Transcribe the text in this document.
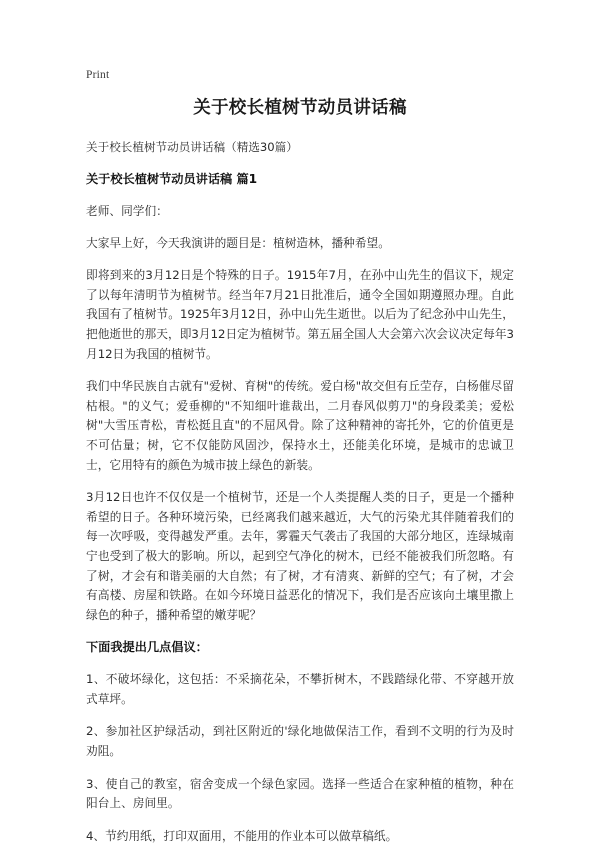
Print
关于校长植树节动员讲话稿

关于校长植树节动员讲话稿（精选30篇）

关于校长植树节动员讲话稿 篇1

老师、同学们：

大家早上好，今天我演讲的题目是：植树造林，播种希望。

即将到来的3月12日是个特殊的日子。1915年7月，在孙中山先生的倡议下，规定了以每年清明节为植树节。经当年7月21日批准后，通令全国如期遵照办理。自此我国有了植树节。1925年3月12日，孙中山先生逝世。以后为了纪念孙中山先生，把他逝世的那天，即3月12日定为植树节。第五届全国人大会第六次会议决定每年3月12日为我国的植树节。

我们中华民族自古就有"爱树、育树"的传统。爱白杨"故交但有丘茔存，白杨催尽留枯根。"的义气；爱垂柳的"不知细叶谁裁出，二月春风似剪刀"的身段柔美；爱松树"大雪压青松，青松挺且直"的不屈风骨。除了这种精神的寄托外，它的价值更是不可估量；树，它不仅能防风固沙，保持水土，还能美化环境，是城市的忠诚卫士，它用特有的颜色为城市披上绿色的新装。

3月12日也许不仅仅是一个植树节，还是一个人类提醒人类的日子，更是一个播种希望的日子。各种环境污染，已经离我们越来越近，大气的污染尤其伴随着我们的每一次呼吸，变得越发严重。去年，雾霾天气袭击了我国的大部分地区，连绿城南宁也受到了极大的影响。所以，起到空气净化的树木，已经不能被我们所忽略。有了树，才会有和谐美丽的大自然；有了树，才有清爽、新鲜的空气；有了树，才会有高楼、房屋和铁路。在如今环境日益恶化的情况下，我们是否应该向土壤里撒上绿色的种子，播种希望的嫩芽呢？

下面我提出几点倡议：

1、不破坏绿化，这包括：不采摘花朵，不攀折树木，不践踏绿化带、不穿越开放式草坪。

2、参加社区护绿活动，到社区附近的'绿化地做保洁工作，看到不文明的行为及时劝阻。

3、使自己的教室，宿舍变成一个绿色家园。选择一些适合在家种植的植物，种在阳台上、房间里。

4、节约用纸，打印双面用，不能用的作业本可以做草稿纸。
